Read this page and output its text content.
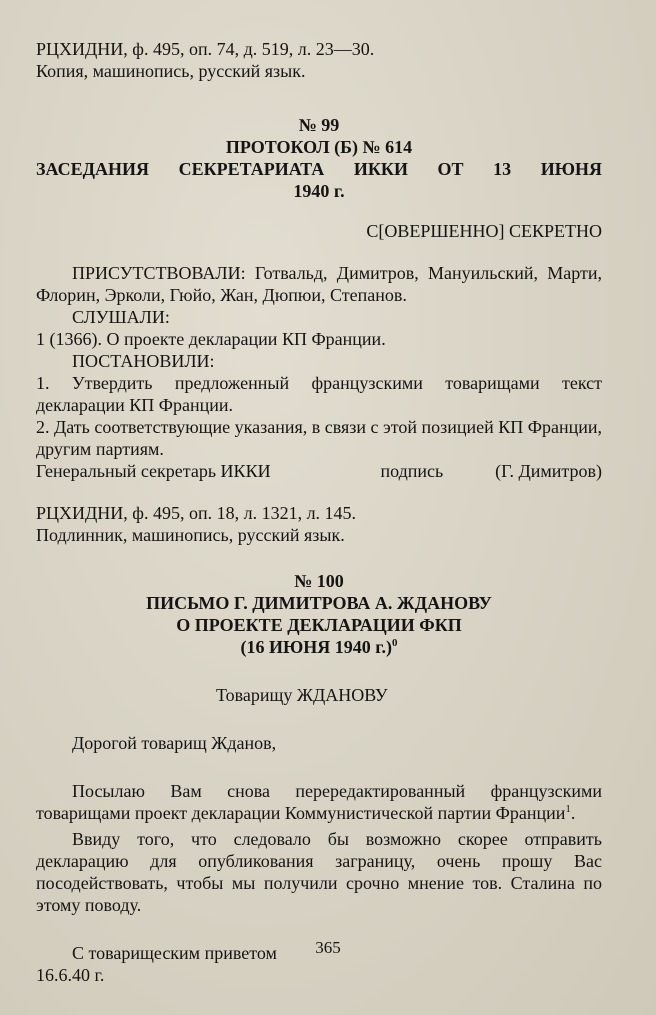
РЦХИДНИ, ф. 495, оп. 74, д. 519, л. 23—30.

Копия, машинопись, русский язык.

№ 99

ПРОТОКОЛ (Б) № 614

ЗАСЕДАНИЯ СЕКРЕТАРИАТА ИККИ ОТ 13 ИЮНЯ

1940 г.

С[ОВЕРШЕННО] СЕКРЕТНО

ПРИСУТСТВОВАЛИ: Готвальд, Димитров, Мануильский, Марти, Флорин, Эрколи, Гюйо, Жан, Дюпюи, Степанов.

СЛУШАЛИ:

1 (1366). О проекте декларации КП Франции.

ПОСТАНОВИЛИ:

1. Утвердить предложенный французскими товарищами текст декларации КП Франции.

2. Дать соответствующие указания, в связи с этой позицией КП Франции, другим партиям.

Генеральный секретарь ИККИ	подпись	(Г. Димитров)

РЦХИДНИ, ф. 495, оп. 18, л. 1321, л. 145.

Подлинник, машинопись, русский язык.

№ 100

ПИСЬМО Г. ДИМИТРОВА А. ЖДАНОВУ

О ПРОЕКТЕ ДЕКЛАРАЦИИ ФКП

(16 ИЮНЯ 1940 г.)$^0$

Товарищу ЖДАНОВУ

Дорогой товарищ Жданов,

Посылаю Вам снова перередактированный французскими товарищами проект декларации Коммунистической партии Франции$^1$.

Ввиду того, что следовало бы возможно скорее отправить декларацию для опубликования заграницу, очень прошу Вас посодействовать, чтобы мы получили срочно мнение тов. Сталина по этому поводу.

С товарищеским приветом

16.6.40 г.

365
